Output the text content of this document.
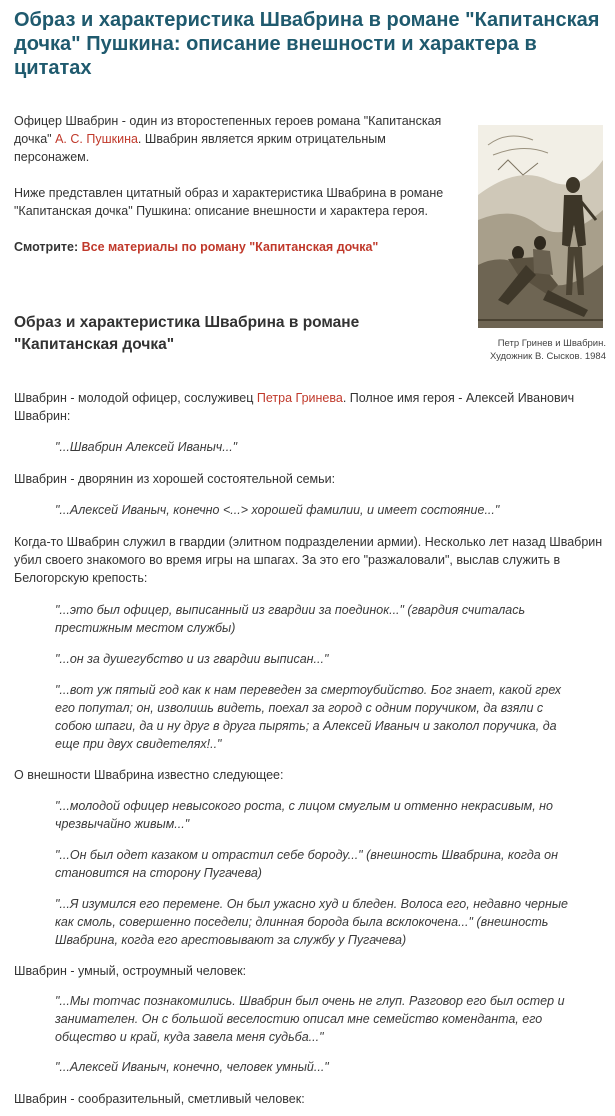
Образ и характеристика Швабрина в романе "Капитанская дочка" Пушкина: описание внешности и характера в цитатах

Офицер Швабрин - один из второстепенных героев романа "Капитанская дочка" А. С. Пушкина. Швабрин является ярким отрицательным персонажем.

Ниже представлен цитатный образ и характеристика Швабрина в романе "Капитанская дочка" Пушкина: описание внешности и характера героя.

Смотрите: Все материалы по роману "Капитанская дочка"

Образ и характеристика Швабрина в романе "Капитанская дочка"	Петр Гринев и Швабрин. Художник В. Сысков. 1984

Швабрин - молодой офицер, сослуживец Петра Гринева. Полное имя героя - Алексей Иванович Швабрин:

"...Швабрин Алексей Иваныч..."

Швабрин - дворянин из хорошей состоятельной семьи:

"...Алексей Иваныч, конечно <...> хорошей фамилии, и имеет состояние..."

Когда-то Швабрин служил в гвардии (элитном подразделении армии). Несколько лет назад Швабрин убил своего знакомого во время игры на шпагах. За это его "разжаловали", выслав служить в Белогорскую крепость:

"...это был офицер, выписанный из гвардии за поединок..." (гвардия считалась престижным местом службы)

"...он за душегубство и из гвардии выписан..."

"...вот уж пятый год как к нам переведен за смертоубийство. Бог знает, какой грех его попутал; он, изволишь видеть, поехал за город с одним поручиком, да взяли с собою шпаги, да и ну друг в друга пырять; а Алексей Иваныч и заколол поручика, да еще при двух свидетелях!.."

О внешности Швабрина известно следующее:

"...молодой офицер невысокого роста, с лицом смуглым и отменно некрасивым, но чрезвычайно живым..."

"...Он был одет казаком и отрастил себе бороду..." (внешность Швабрина, когда он становится на сторону Пугачева)

"...Я изумился его перемене. Он был ужасно худ и бледен. Волоса его, недавно черные как смоль, совершенно поседели; длинная борода была всклокочена..." (внешность Швабрина, когда его арестовывают за службу у Пугачева)

Швабрин - умный, остроумный человек:

"...Мы тотчас познакомились. Швабрин был очень не глуп. Разговор его был остер и занимателен. Он с большой веселостию описал мне семейство коменданта, его общество и край, куда завела меня судьба..."

"...Алексей Иваныч, конечно, человек умный..."

Швабрин - сообразительный, сметливый человек:
